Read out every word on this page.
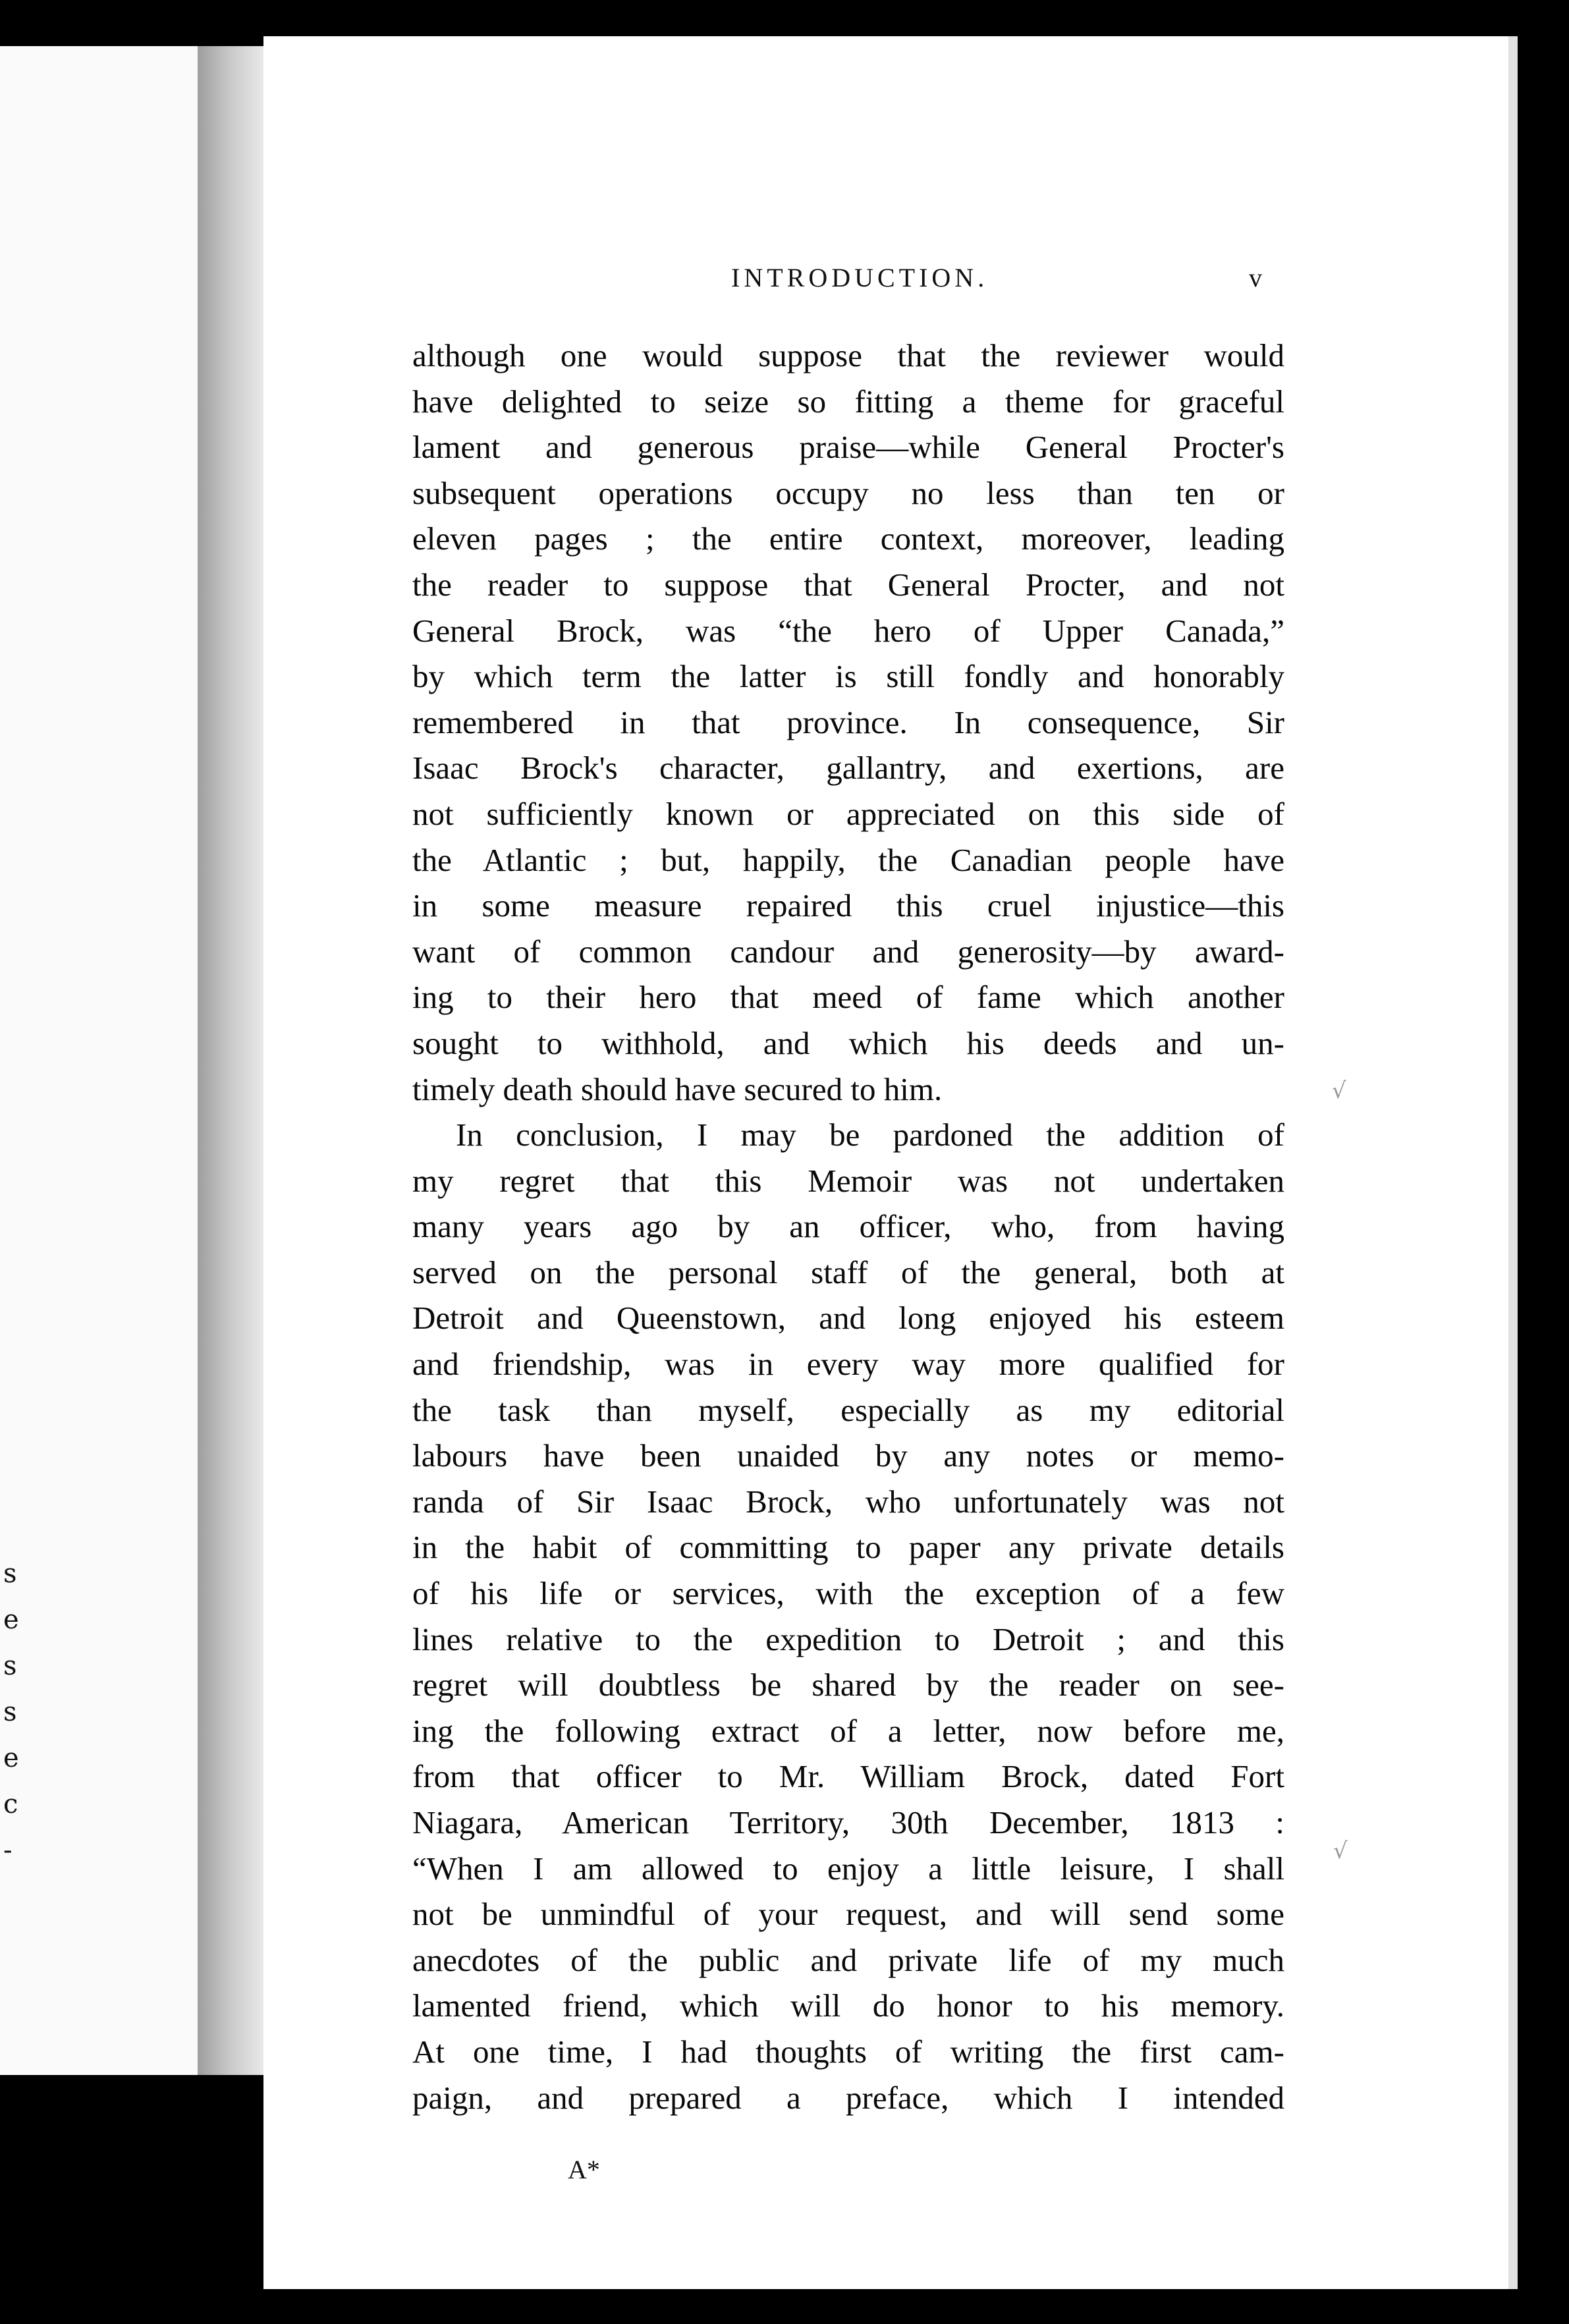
s
e
s
s
e
c
-
INTRODUCTION.	v
although one would suppose that the reviewer would
have delighted to seize so fitting a theme for graceful
lament and generous praise—while General Procter's
subsequent operations occupy no less than ten or
eleven pages ; the entire context, moreover, leading
the reader to suppose that General Procter, and not
General Brock, was “the hero of Upper Canada,”
by which term the latter is still fondly and honorably
remembered in that province. In consequence, Sir
Isaac Brock's character, gallantry, and exertions, are
not sufficiently known or appreciated on this side of
the Atlantic ; but, happily, the Canadian people have
in some measure repaired this cruel injustice—this
want of common candour and generosity—by award-
ing to their hero that meed of fame which another
sought to withhold, and which his deeds and un-
timely death should have secured to him.
In conclusion, I may be pardoned the addition of
my regret that this Memoir was not undertaken
many years ago by an officer, who, from having
served on the personal staff of the general, both at
Detroit and Queenstown, and long enjoyed his esteem
and friendship, was in every way more qualified for
the task than myself, especially as my editorial
labours have been unaided by any notes or memo-
randa of Sir Isaac Brock, who unfortunately was not
in the habit of committing to paper any private details
of his life or services, with the exception of a few
lines relative to the expedition to Detroit ; and this
regret will doubtless be shared by the reader on see-
ing the following extract of a letter, now before me,
from that officer to Mr. William Brock, dated Fort
Niagara, American Territory, 30th December, 1813 :
“When I am allowed to enjoy a little leisure, I shall
not be unmindful of your request, and will send some
anecdotes of the public and private life of my much
lamented friend, which will do honor to his memory.
At one time, I had thoughts of writing the first cam-
paign, and prepared a preface, which I intended
A*
√
√
